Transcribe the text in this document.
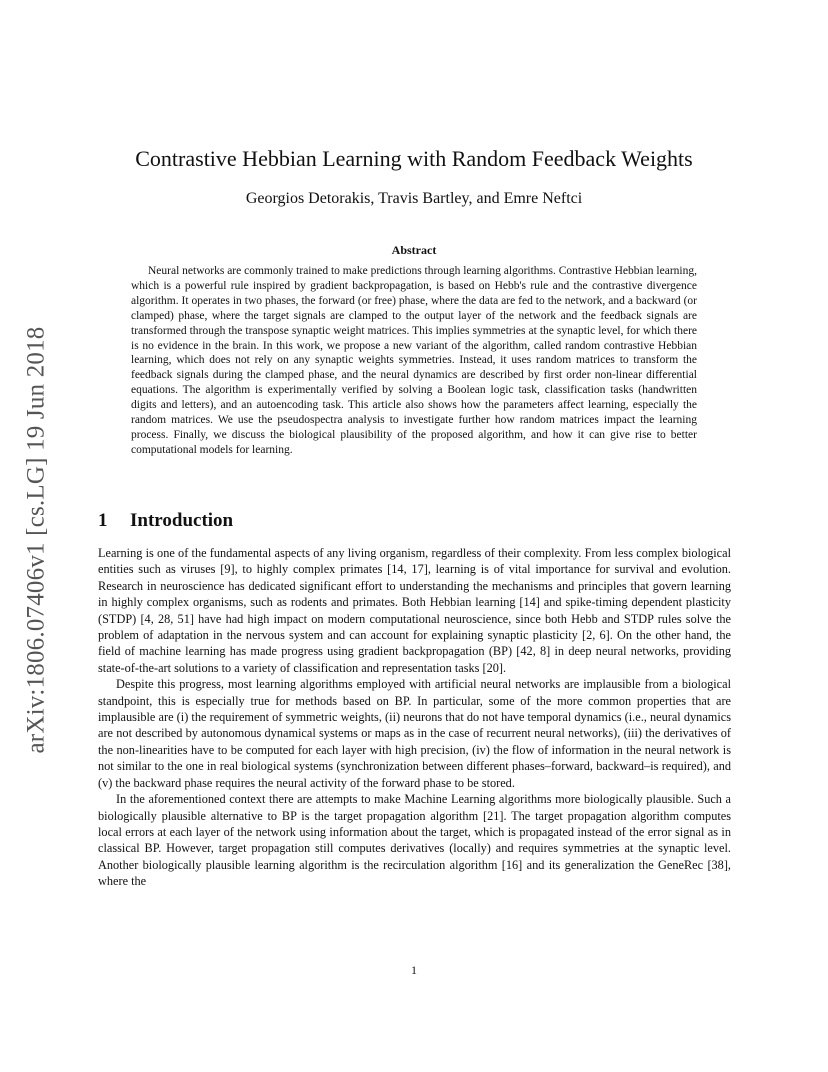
arXiv:1806.07406v1 [cs.LG] 19 Jun 2018
Contrastive Hebbian Learning with Random Feedback Weights
Georgios Detorakis, Travis Bartley, and Emre Neftci
Abstract

Neural networks are commonly trained to make predictions through learning algorithms. Contrastive Hebbian learning, which is a powerful rule inspired by gradient backpropagation, is based on Hebb's rule and the contrastive divergence algorithm. It operates in two phases, the forward (or free) phase, where the data are fed to the network, and a backward (or clamped) phase, where the target signals are clamped to the output layer of the network and the feedback signals are transformed through the transpose synaptic weight matrices. This implies symmetries at the synaptic level, for which there is no evidence in the brain. In this work, we propose a new variant of the algorithm, called random contrastive Hebbian learning, which does not rely on any synaptic weights symmetries. Instead, it uses random matrices to transform the feedback signals during the clamped phase, and the neural dynamics are described by first order non-linear differential equations. The algorithm is experimentally verified by solving a Boolean logic task, classification tasks (handwritten digits and letters), and an autoencoding task. This article also shows how the parameters affect learning, especially the random matrices. We use the pseudospectra analysis to investigate further how random matrices impact the learning process. Finally, we discuss the biological plausibility of the proposed algorithm, and how it can give rise to better computational models for learning.

1 Introduction

Learning is one of the fundamental aspects of any living organism, regardless of their complexity. From less complex biological entities such as viruses [9], to highly complex primates [14, 17], learning is of vital importance for survival and evolution. Research in neuroscience has dedicated significant effort to understanding the mechanisms and principles that govern learning in highly complex organisms, such as rodents and primates. Both Hebbian learning [14] and spike-timing dependent plasticity (STDP) [4, 28, 51] have had high impact on modern computational neuroscience, since both Hebb and STDP rules solve the problem of adaptation in the nervous system and can account for explaining synaptic plasticity [2, 6]. On the other hand, the field of machine learning has made progress using gradient backpropagation (BP) [42, 8] in deep neural networks, providing state-of-the-art solutions to a variety of classification and representation tasks [20].

Despite this progress, most learning algorithms employed with artificial neural networks are implausible from a biological standpoint, this is especially true for methods based on BP. In particular, some of the more common properties that are implausible are (i) the requirement of symmetric weights, (ii) neurons that do not have temporal dynamics (i.e., neural dynamics are not described by autonomous dynamical systems or maps as in the case of recurrent neural networks), (iii) the derivatives of the non-linearities have to be computed for each layer with high precision, (iv) the flow of information in the neural network is not similar to the one in real biological systems (synchronization between different phases–forward, backward–is required), and (v) the backward phase requires the neural activity of the forward phase to be stored.

In the aforementioned context there are attempts to make Machine Learning algorithms more biologically plausible. Such a biologically plausible alternative to BP is the target propagation algorithm [21]. The target propagation algorithm computes local errors at each layer of the network using information about the target, which is propagated instead of the error signal as in classical BP. However, target propagation still computes derivatives (locally) and requires symmetries at the synaptic level. Another biologically plausible learning algorithm is the recirculation algorithm [16] and its generalization the GeneRec [38], where the

1
